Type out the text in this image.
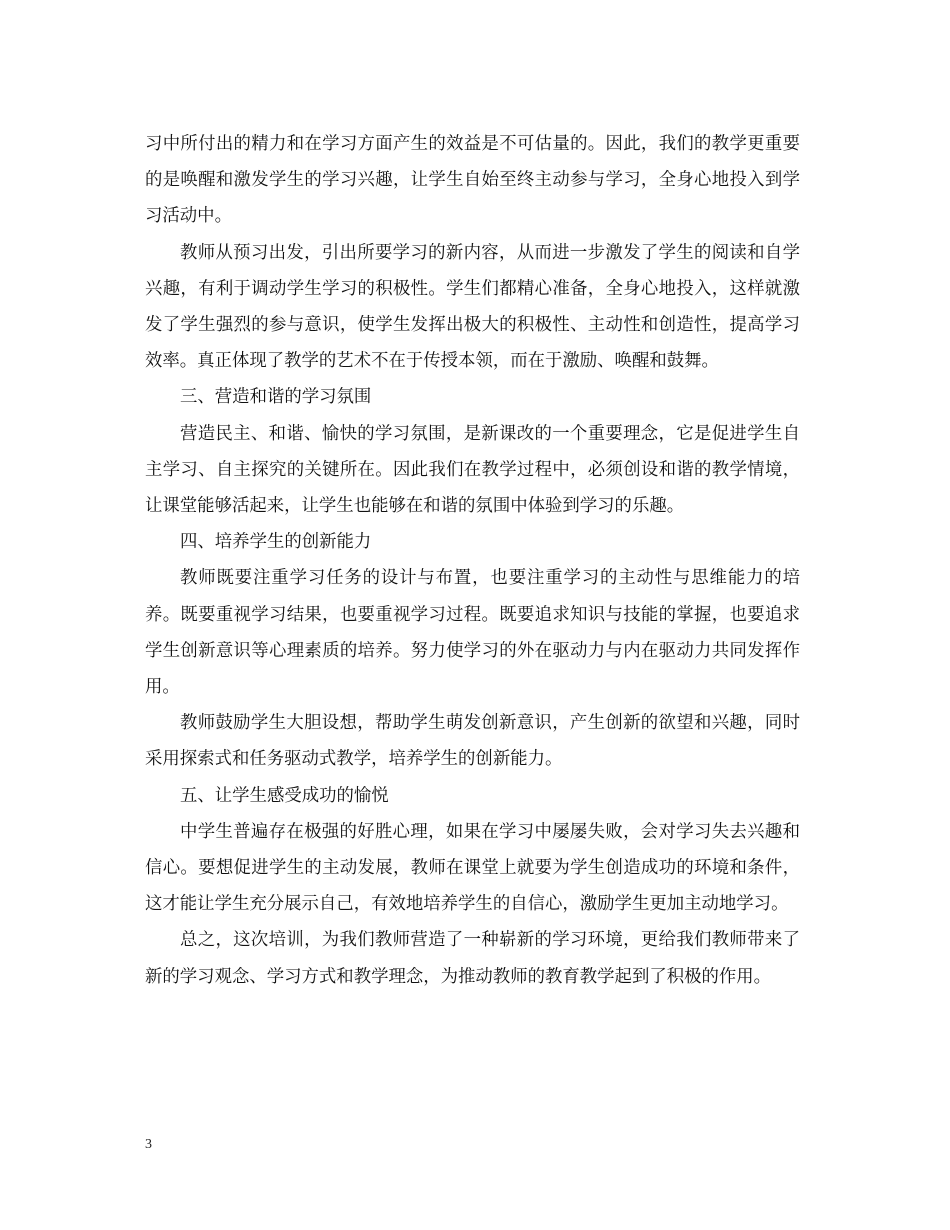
习中所付出的精力和在学习方面产生的效益是不可估量的。因此，我们的教学更重要的是唤醒和激发学生的学习兴趣，让学生自始至终主动参与学习，全身心地投入到学习活动中。

教师从预习出发，引出所要学习的新内容，从而进一步激发了学生的阅读和自学兴趣，有利于调动学生学习的积极性。学生们都精心准备，全身心地投入，这样就激发了学生强烈的参与意识，使学生发挥出极大的积极性、主动性和创造性，提高学习效率。真正体现了教学的艺术不在于传授本领，而在于激励、唤醒和鼓舞。

三、营造和谐的学习氛围

营造民主、和谐、愉快的学习氛围，是新课改的一个重要理念，它是促进学生自主学习、自主探究的关键所在。因此我们在教学过程中，必须创设和谐的教学情境，让课堂能够活起来，让学生也能够在和谐的氛围中体验到学习的乐趣。

四、培养学生的创新能力

教师既要注重学习任务的设计与布置，也要注重学习的主动性与思维能力的培养。既要重视学习结果，也要重视学习过程。既要追求知识与技能的掌握，也要追求学生创新意识等心理素质的培养。努力使学习的外在驱动力与内在驱动力共同发挥作用。

教师鼓励学生大胆设想，帮助学生萌发创新意识，产生创新的欲望和兴趣，同时采用探索式和任务驱动式教学，培养学生的创新能力。

五、让学生感受成功的愉悦

中学生普遍存在极强的好胜心理，如果在学习中屡屡失败，会对学习失去兴趣和信心。要想促进学生的主动发展，教师在课堂上就要为学生创造成功的环境和条件，这才能让学生充分展示自己，有效地培养学生的自信心，激励学生更加主动地学习。

总之，这次培训，为我们教师营造了一种崭新的学习环境，更给我们教师带来了新的学习观念、学习方式和教学理念，为推动教师的教育教学起到了积极的作用。

3
